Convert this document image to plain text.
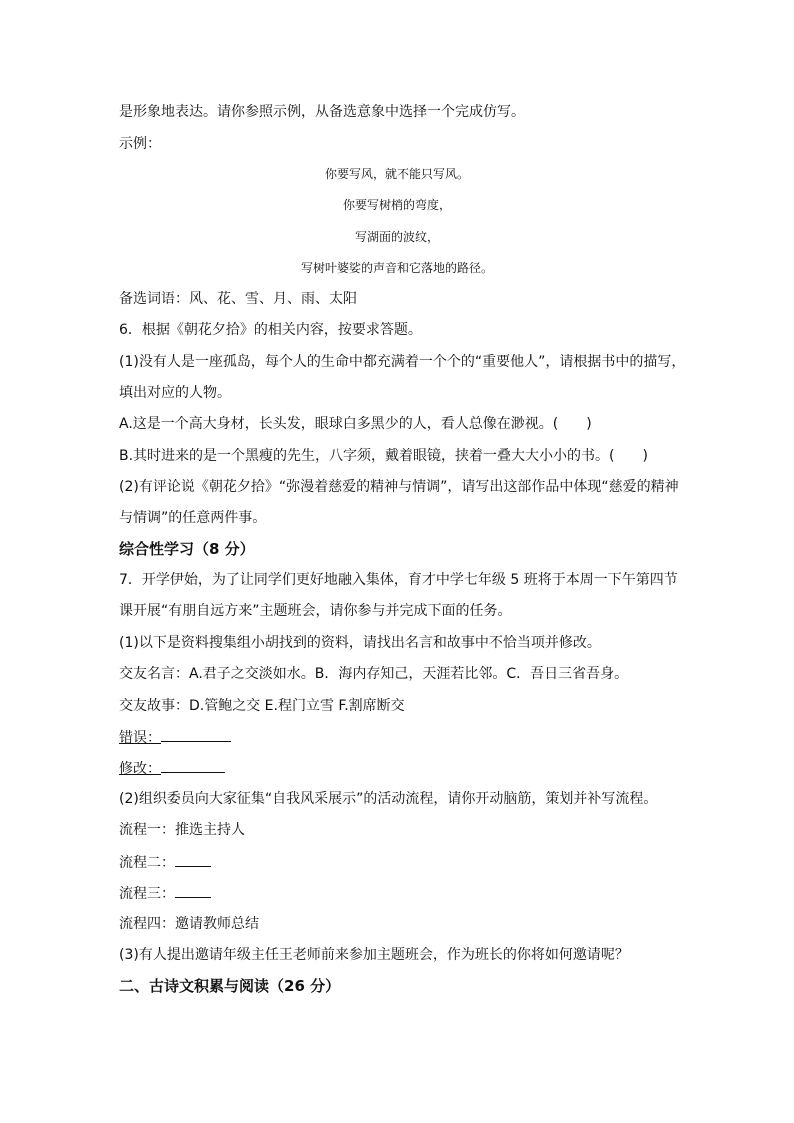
是形象地表达。请你参照示例，从备选意象中选择一个完成仿写。
示例：
你要写风，就不能只写风。
你要写树梢的弯度，
写湖面的波纹，
写树叶婆娑的声音和它落地的路径。
备选词语：风、花、雪、月、雨、太阳
6．根据《朝花夕拾》的相关内容，按要求答题。
(1)没有人是一座孤岛，每个人的生命中都充满着一个个的“重要他人”，请根据书中的描写，
填出对应的人物。
A.这是一个高大身材，长头发，眼球白多黑少的人，看人总像在渺视。(　　)
B.其时进来的是一个黑瘦的先生，八字须，戴着眼镜，挟着一叠大大小小的书。(　　)
(2)有评论说《朝花夕拾》“弥漫着慈爱的精神与情调”，请写出这部作品中体现“慈爱的精神
与情调”的任意两件事。
综合性学习（8 分）
7．开学伊始，为了让同学们更好地融入集体，育才中学七年级 5 班将于本周一下午第四节
课开展“有朋自远方来”主题班会，请你参与并完成下面的任务。
(1)以下是资料搜集组小胡找到的资料，请找出名言和故事中不恰当项并修改。
交友名言：A.君子之交淡如水。B．海内存知己，天涯若比邻。C．吾日三省吾身。
交友故事：D.管鲍之交 E.程门立雪 F.割席断交
错误：
修改：
(2)组织委员向大家征集“自我风采展示”的活动流程，请你开动脑筋，策划并补写流程。
流程一：推选主持人
流程二：
流程三：
流程四：邀请教师总结
(3)有人提出邀请年级主任王老师前来参加主题班会，作为班长的你将如何邀请呢？
二、古诗文积累与阅读（26 分）
